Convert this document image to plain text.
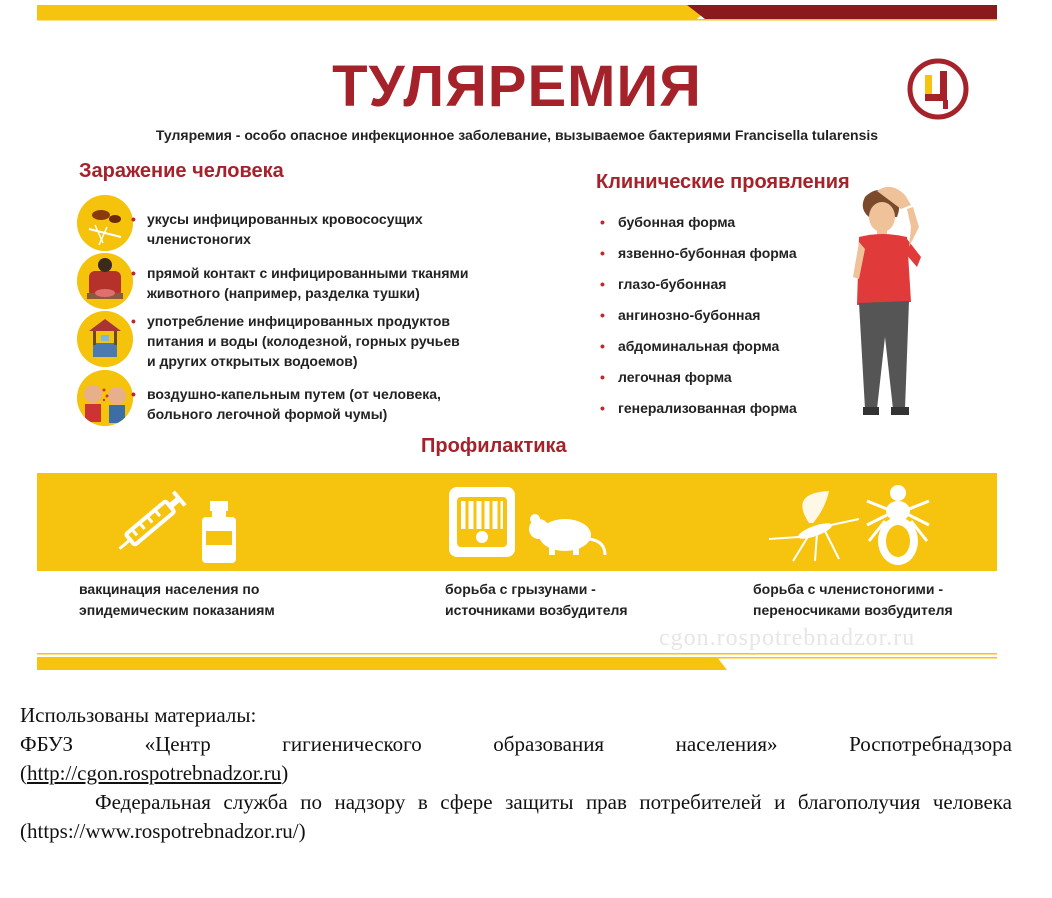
ТУЛЯРЕМИЯ
Туляремия - особо опасное инфекционное заболевание, вызываемое бактериями Francisella tularensis
Заражение человека
• укусы инфицированных кровососущих членистоногих
• прямой контакт с инфицированными тканями животного (например, разделка тушки)
• употребление инфицированных продуктов питания и воды (колодезной, горных ручьев и других открытых водоемов)
• воздушно-капельным путем (от человека, больного легочной формой чумы)
Клинические проявления
• бубонная форма
• язвенно-бубонная форма
• глазо-бубонная
• ангинозно-бубонная
• абдоминальная форма
• легочная форма
• генерализованная форма
Профилактика
вакцинация населения по эпидемическим показаниям
борьба с грызунами - источниками возбудителя
борьба с членистоногими - переносчиками возбудителя
cgon.rospotrebnadzor.ru

Использованы материалы:

ФБУЗ «Центр гигиенического образования населения» Роспотребнадзора

(http://cgon.rospotrebnadzor.ru)

Федеральная служба по надзору в сфере защиты прав потребителей и благополучия человека (https://www.rospotrebnadzor.ru/)
